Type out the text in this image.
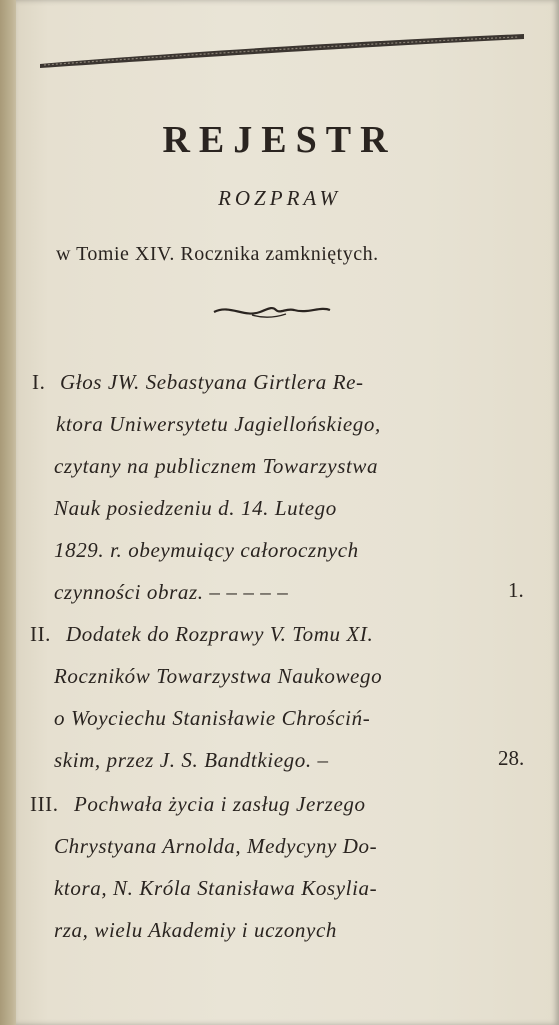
REJESTR
ROZPRAW
w Tomie XIV. Rocznika zamkniętych.
I. Głos JW. Sebastyana Girtlera Re-
ktora Uniwersytetu Jagiellońskiego,
czytany na publicznem Towarzystwa
Nauk posiedzeniu d. 14. Lutego
1829. r. obeymuiący całorocznych
czynności obraz. – – – – –	1.
II. Dodatek do Rozprawy V. Tomu XI.
Roczników Towarzystwa Naukowego
o Woyciechu Stanisławie Chrościń-
skim, przez J. S. Bandtkiego. –	28.
III. Pochwała życia i zasług Jerzego
Chrystyana Arnolda, Medycyny Do-
ktora, N. Króla Stanisława Kosylia-
rza, wielu Akademiy i uczonych
